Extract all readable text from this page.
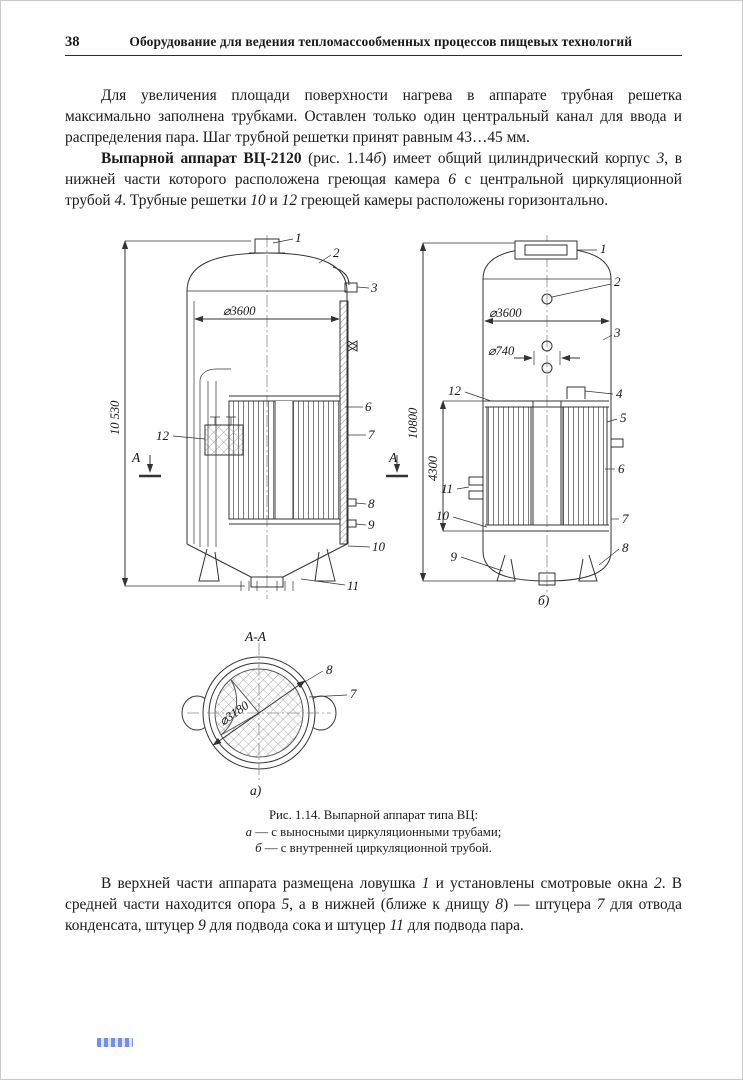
38	Оборудование для ведения тепломассообменных процессов пищевых технологий

Для увеличения площади поверхности нагрева в аппарате трубная решетка максимально заполнена трубками. Оставлен только один центральный канал для ввода и распределения пара. Шаг трубной решетки принят равным 43…45 мм.

Выпарной аппарат ВЦ-2120 (рис. 1.14б) имеет общий цилиндрический корпус 3, в нижней части которого расположена греющая камера 6 с центральной циркуляционной трубой 4. Трубные решетки 10 и 12 греющей камеры расположены горизонтально.

⌀3600
10 530
А	А
1
2
3
6
7
8
9
10
11
12
⌀3600
⌀740
4300
10800
1
2
3
4
5
6
7
8
9
10
11
12
б)
А-А
⌀3180
8
7
а)
Рис. 1.14. Выпарной аппарат типа ВЦ:
а — с выносными циркуляционными трубами;
б — с внутренней циркуляционной трубой.

В верхней части аппарата размещена ловушка 1 и установлены смотровые окна 2. В средней части находится опора 5, а в нижней (ближе к днищу 8) — штуцера 7 для отвода конденсата, штуцер 9 для подвода сока и штуцер 11 для подвода пара.
